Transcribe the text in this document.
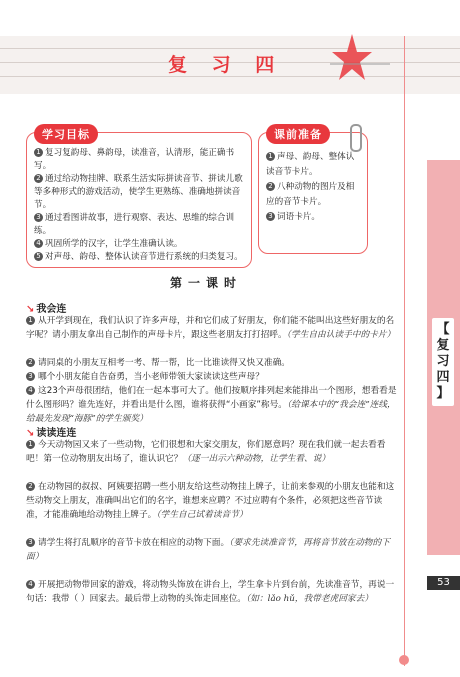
复 习 四
【
复习四
】
53
学习目标

1 复习复韵母、鼻韵母，读准音，认清形，能正确书写。

2 通过给动物挂牌、联系生活实际拼读音节、拼读儿歌等多种形式的游戏活动，使学生更熟练、准确地拼读音节。

3 通过看图讲故事，进行观察、表达、思维的综合训练。

4 巩固所学的汉字，让学生准确认读。

5 对声母、韵母、整体认读音节进行系统的归类复习。

课前准备

1 声母、韵母、整体认读音节卡片。

2 八种动物的图片及相应的音节卡片。

3 词语卡片。

第一课时
↘ 我会连
1 从开学到现在，我们认识了许多声母，并和它们成了好朋友，你们能不能叫出这些好朋友的名字呢？请小朋友拿出自己制作的声母卡片，跟这些老朋友打打招呼。（学生自由认读手中的卡片）
2 请同桌的小朋友互相考一考、帮一帮，比一比谁读得又快又准确。
3 哪个小朋友能自告奋勇，当小老师带领大家读读这些声母？
4 这23个声母很团结，他们在一起本事可大了。他们按顺序排列起来能排出一个图形，想看看是什么图形吗？谁先连好，并看出是什么图，谁将获得“小画家”称号。（给课本中的“我会连”连线，给最先发现“海豚”的学生颁奖）
↘ 读读连连
1 今天动物园又来了一些动物，它们很想和大家交朋友，你们愿意吗？现在我们就一起去看看吧！第一位动物朋友出场了，谁认识它？（逐一出示六种动物，让学生看、说）
2 在动物园的叔叔、阿姨要招聘一些小朋友给这些动物挂上牌子，让前来参观的小朋友也能和这些动物交上朋友，准确叫出它们的名字，谁想来应聘？不过应聘有个条件，必须把这些音节读准，才能准确地给动物挂上牌子。（学生自己试着读音节）
3 请学生将打乱顺序的音节卡放在相应的动物下面。（要求先读准音节，再将音节放在动物的下面）
4 开展把动物带回家的游戏，将动物头饰放在讲台上，学生拿卡片到台前，先读准音节，再说一句话：我带（ ）回家去。最后带上动物的头饰走回座位。（如：lǎo hǔ，我带老虎回家去）
